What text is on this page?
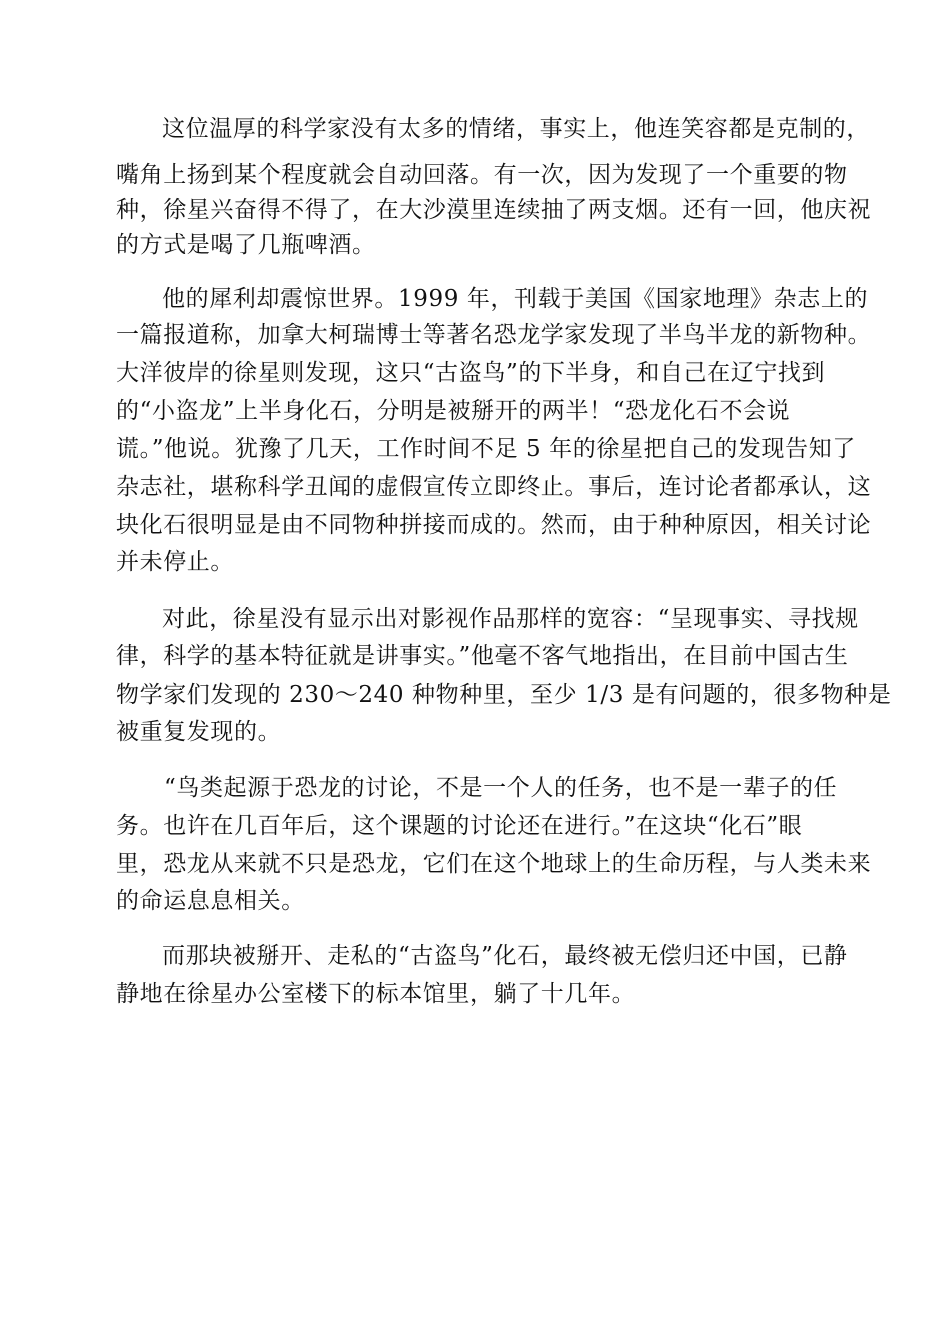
这位温厚的科学家没有太多的情绪，事实上，他连笑容都是克制的，

嘴角上扬到某个程度就会自动回落。有一次，因为发现了一个重要的物

种，徐星兴奋得不得了，在大沙漠里连续抽了两支烟。还有一回，他庆祝

的方式是喝了几瓶啤酒。

他的犀利却震惊世界。1999 年，刊载于美国《国家地理》杂志上的

一篇报道称，加拿大柯瑞博士等著名恐龙学家发现了半鸟半龙的新物种。

大洋彼岸的徐星则发现，这只“古盗鸟”的下半身，和自己在辽宁找到

的“小盗龙”上半身化石，分明是被掰开的两半！“恐龙化石不会说

谎。”他说。犹豫了几天，工作时间不足 5 年的徐星把自己的发现告知了

杂志社，堪称科学丑闻的虚假宣传立即终止。事后，连讨论者都承认，这

块化石很明显是由不同物种拼接而成的。然而，由于种种原因，相关讨论

并未停止。

对此，徐星没有显示出对影视作品那样的宽容：“呈现事实、寻找规

律，科学的基本特征就是讲事实。”他毫不客气地指出，在目前中国古生

物学家们发现的 230～240 种物种里，至少 1/3 是有问题的，很多物种是

被重复发现的。

“鸟类起源于恐龙的讨论，不是一个人的任务，也不是一辈子的任

务。也许在几百年后，这个课题的讨论还在进行。”在这块“化石”眼

里，恐龙从来就不只是恐龙，它们在这个地球上的生命历程，与人类未来

的命运息息相关。

而那块被掰开、走私的“古盗鸟”化石，最终被无偿归还中国，已静

静地在徐星办公室楼下的标本馆里，躺了十几年。
